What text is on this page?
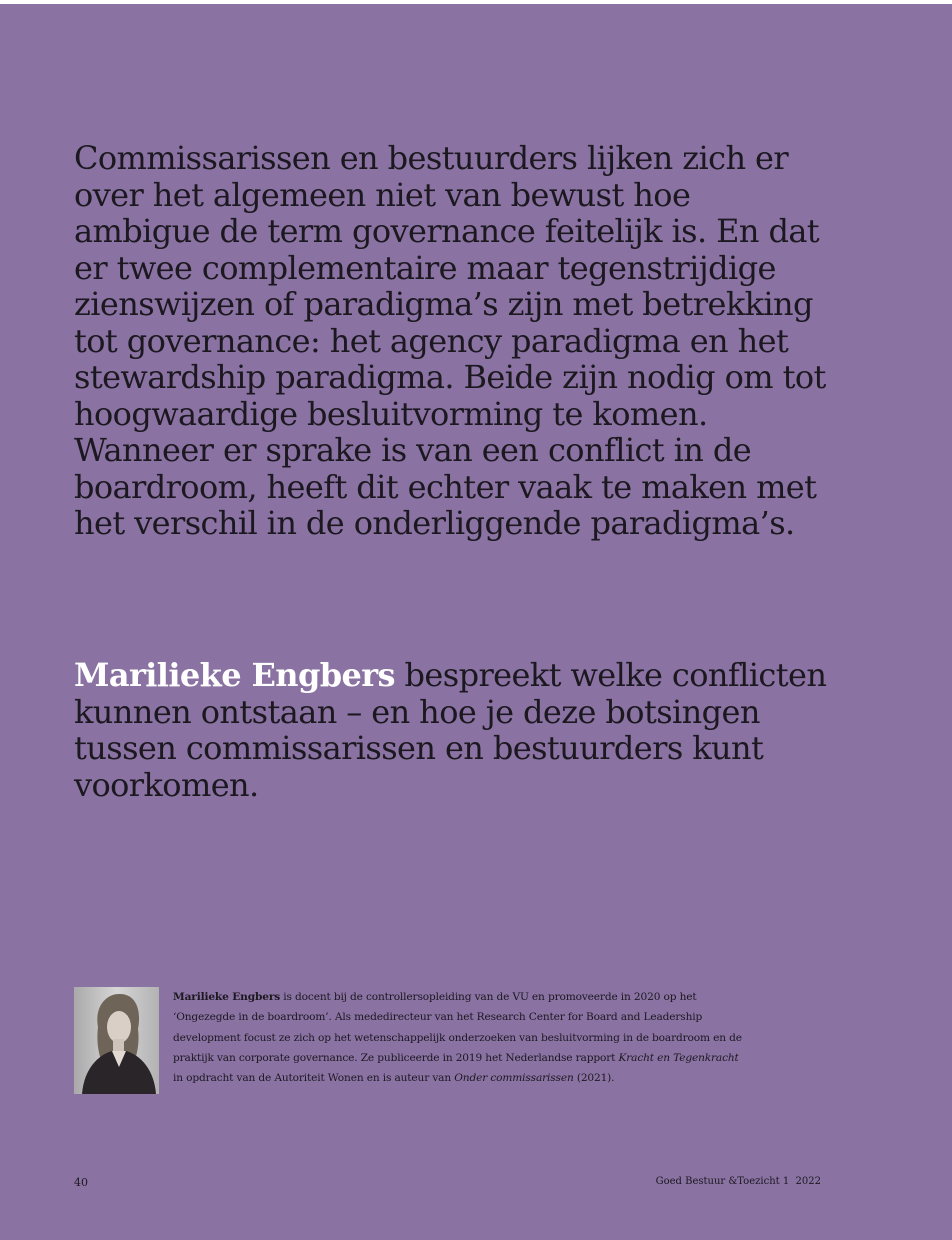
Commissarissen en bestuurders lijken zich er over het algemeen niet van bewust hoe ambigue de term governance feitelijk is. En dat er twee complementaire maar tegenstrijdige zienswijzen of paradigma’s zijn met betrekking tot governance: het agency paradigma en het stewardship paradigma. Beide zijn nodig om tot hoogwaardige besluitvorming te komen. Wanneer er sprake is van een conflict in de boardroom, heeft dit echter vaak te maken met het verschil in de onderliggende paradigma’s.

Marilieke Engbers bespreekt welke conflicten kunnen ontstaan – en hoe je deze botsingen tussen commissarissen en bestuurders kunt voorkomen.

Marilieke Engbers is docent bij de controllersopleiding van de VU en promoveerde in 2020 op het ‘Ongezegde in de boardroom’. Als mededirecteur van het Research Center for Board and Leadership development focust ze zich op het wetenschappelijk onderzoeken van besluitvorming in de boardroom en de praktijk van corporate governance. Ze publiceerde in 2019 het Nederlandse rapport Kracht en Tegenkracht in opdracht van de Autoriteit Wonen en is auteur van Onder commissarissen (2021).

40	Goed Bestuur &Toezicht 1  2022
